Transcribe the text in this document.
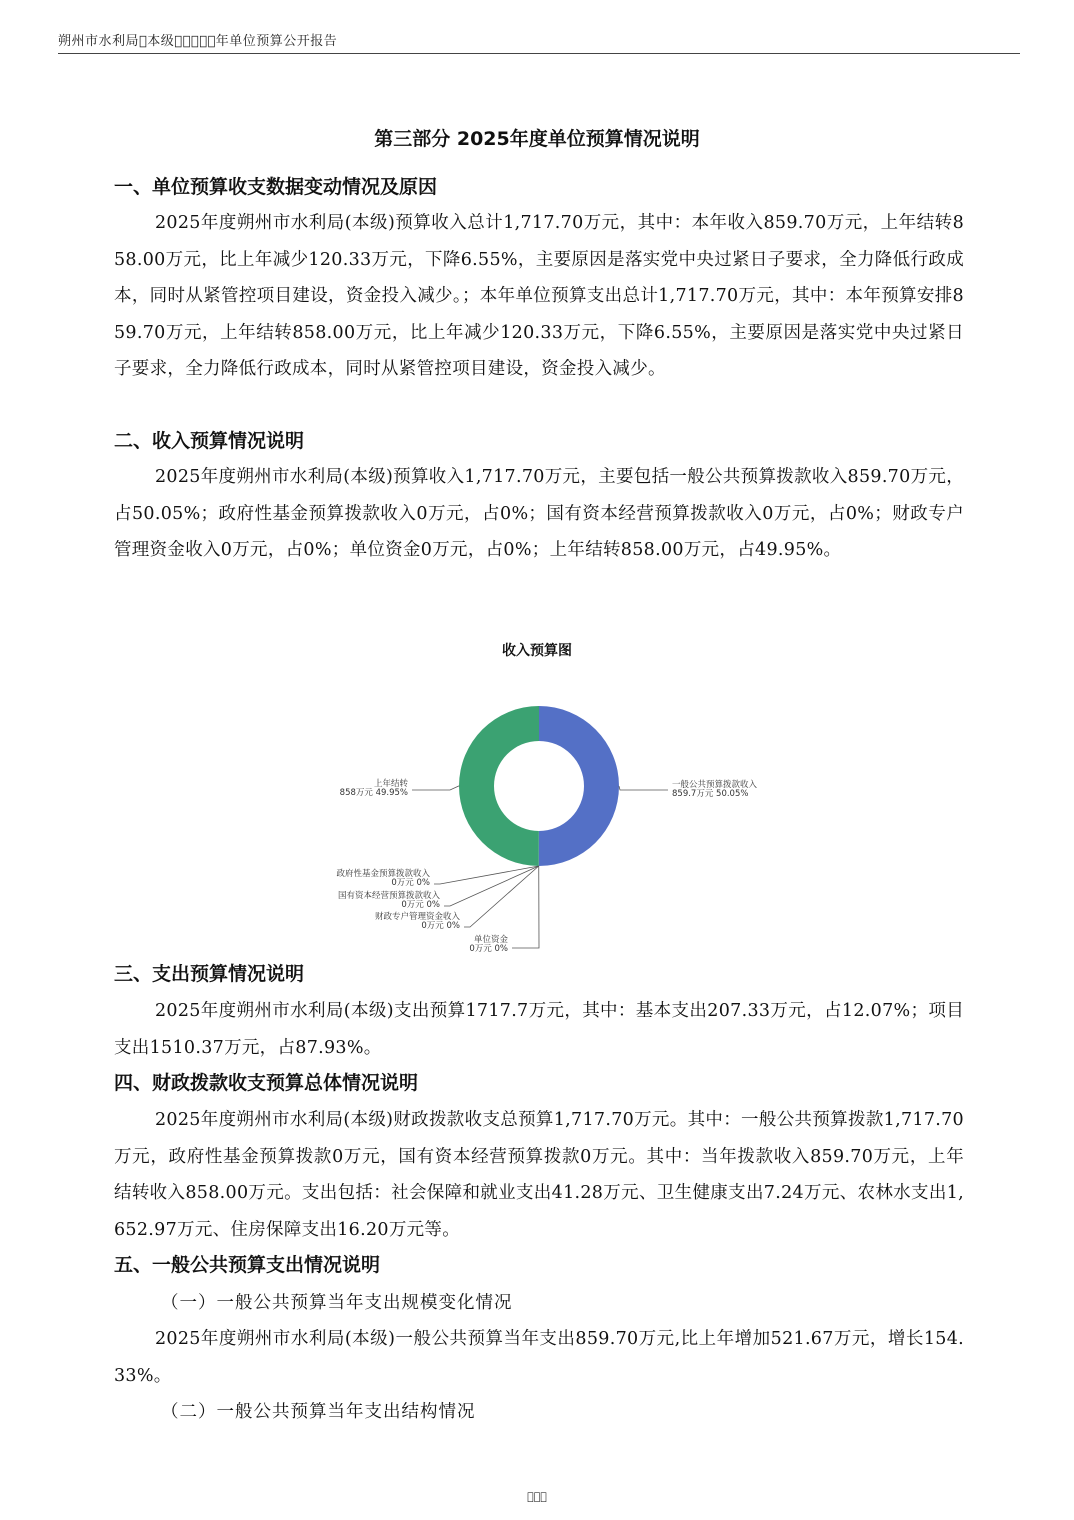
朔州市水利局 本级     年单位预算公开报告
第三部分 2025年度单位预算情况说明
一、单位预算收支数据变动情况及原因
2025年度朔州市水利局(本级)预算收入总计1,717.70万元，其中：本年收入859.70万元，上年结转858.00万元，比上年减少120.33万元，下降6.55%，主要原因是落实党中央过紧日子要求，全力降低行政成本，同时从紧管控项目建设，资金投入减少。；本年单位预算支出总计1,717.70万元，其中：本年预算安排859.70万元，上年结转858.00万元，比上年减少120.33万元，下降6.55%，主要原因是落实党中央过紧日子要求，全力降低行政成本，同时从紧管控项目建设，资金投入减少。
二、收入预算情况说明
2025年度朔州市水利局(本级)预算收入1,717.70万元，主要包括一般公共预算拨款收入859.70万元，占50.05%；政府性基金预算拨款收入0万元，占0%；国有资本经营预算拨款收入0万元，占0%；财政专户管理资金收入0万元，占0%；单位资金0万元，占0%；上年结转858.00万元，占49.95%。
收入预算图
一般公共预算拨款收入
859.7万元 50.05%
政府性基金预算拨款收入
0万元 0%
国有资本经营预算拨款收入
0万元 0%
财政专户管理资金收入
0万元 0%
单位资金
0万元 0%
上年结转
858万元 49.95%
三、支出预算情况说明
2025年度朔州市水利局(本级)支出预算1717.7万元，其中：基本支出207.33万元，占12.07%；项目支出1510.37万元，占87.93%。
四、财政拨款收支预算总体情况说明
2025年度朔州市水利局(本级)财政拨款收支总预算1,717.70万元。其中：一般公共预算拨款1,717.70万元，政府性基金预算拨款0万元，国有资本经营预算拨款0万元。其中：当年拨款收入859.70万元，上年结转收入858.00万元。支出包括：社会保障和就业支出41.28万元、卫生健康支出7.24万元、农林水支出1,652.97万元、住房保障支出16.20万元等。
五、一般公共预算支出情况说明
（一）一般公共预算当年支出规模变化情况
2025年度朔州市水利局(本级)一般公共预算当年支出859.70万元,比上年增加521.67万元，增长154.33%。
（二）一般公共预算当年支出结构情况
   
